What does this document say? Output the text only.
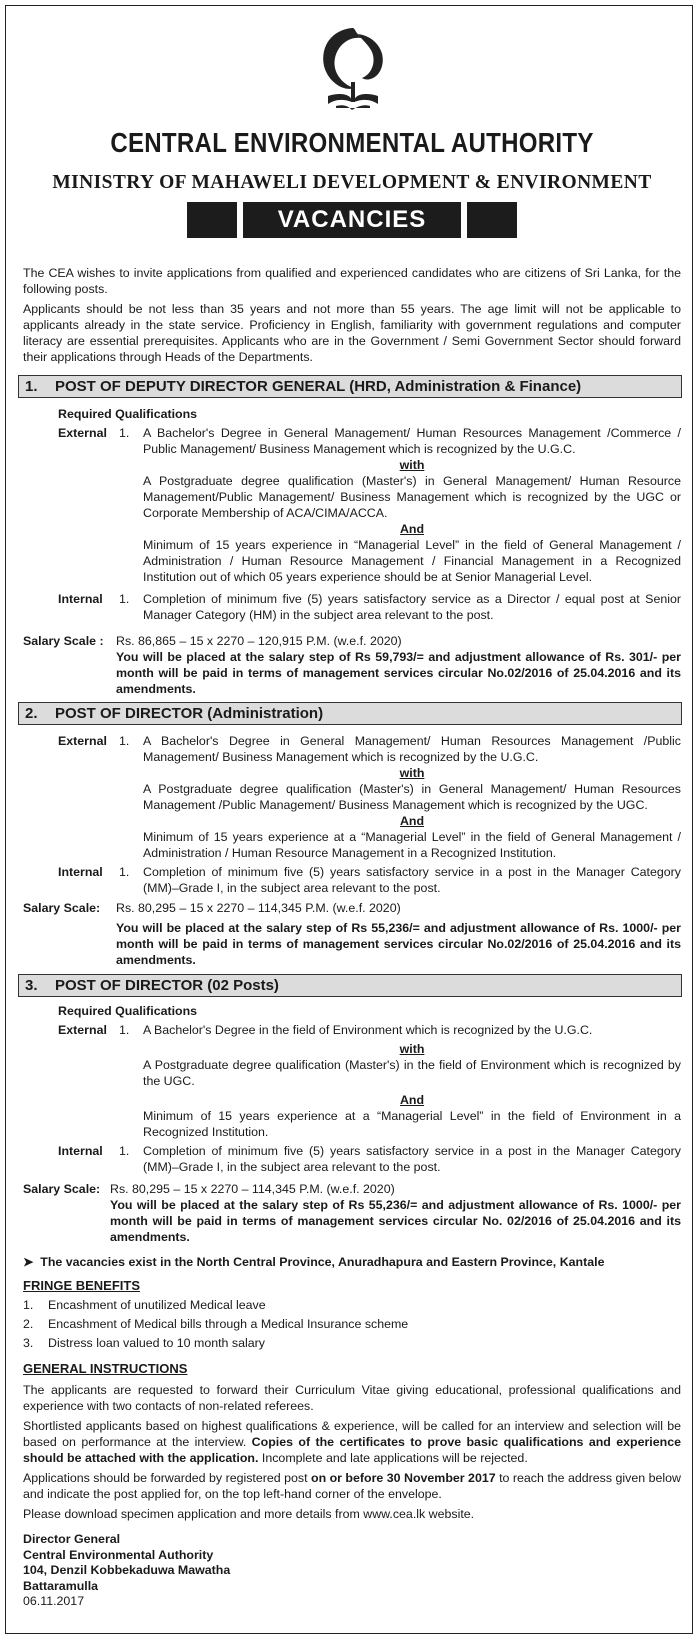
CENTRAL ENVIRONMENTAL AUTHORITY
MINISTRY OF MAHAWELI DEVELOPMENT & ENVIRONMENT
VACANCIES

The CEA wishes to invite applications from qualified and experienced candidates who are citizens of Sri Lanka, for the following posts.

Applicants should be not less than 35 years and not more than 55 years. The age limit will not be applicable to applicants already in the state service. Proficiency in English, familiarity with government regulations and computer literacy are essential prerequisites. Applicants who are in the Government / Semi Government Sector should forward their applications through Heads of the Departments.

1. POST OF DEPUTY DIRECTOR GENERAL (HRD, Administration & Finance)
Required Qualifications
External 1.	A Bachelor's Degree in General Management/ Human Resources Management /Commerce / Public Management/ Business Management which is recognized by the U.G.C.

with

A Postgraduate degree qualification (Master's) in General Management/ Human Resource Management/Public Management/ Business Management which is recognized by the UGC or Corporate Membership of ACA/CIMA/ACCA.

And

Minimum of 15 years experience in “Managerial Level” in the field of General Management / Administration / Human Resource Management / Financial Management in a Recognized Institution out of which 05 years experience should be at Senior Managerial Level.

Internal	1.	Completion of minimum five (5) years satisfactory service as a Director / equal post at Senior Manager Category (HM) in the subject area relevant to the post.

Salary Scale :	Rs. 86,865 – 15 x 2270 – 120,915 P.M. (w.e.f. 2020)

You will be placed at the salary step of Rs 59,793/= and adjustment allowance of Rs. 301/- per month will be paid in terms of management services circular No.02/2016 of 25.04.2016 and its amendments.

2. POST OF DIRECTOR (Administration)
External 1.	A Bachelor's Degree in General Management/ Human Resources Management /Public Management/ Business Management which is recognized by the U.G.C.

with

A Postgraduate degree qualification (Master's) in General Management/ Human Resources Management /Public Management/ Business Management which is recognized by the UGC.

And

Minimum of 15 years experience at a “Managerial Level” in the field of General Management / Administration / Human Resource Management in a Recognized Institution.

Internal	1.	Completion of minimum five (5) years satisfactory service in a post in the Manager Category (MM)–Grade I, in the subject area relevant to the post.

Salary Scale:	Rs. 80,295 – 15 x 2270 – 114,345 P.M. (w.e.f. 2020)

You will be placed at the salary step of Rs 55,236/= and adjustment allowance of Rs. 1000/- per month will be paid in terms of management services circular No.02/2016 of 25.04.2016 and its amendments.

3. POST OF DIRECTOR (02 Posts)
Required Qualifications
External 1.	A Bachelor's Degree in the field of Environment which is recognized by the U.G.C.

with

A Postgraduate degree qualification (Master's) in the field of Environment which is recognized by the UGC.

And

Minimum of 15 years experience at a “Managerial Level” in the field of Environment in a Recognized Institution.

Internal	1.	Completion of minimum five (5) years satisfactory service in a post in the Manager Category (MM)–Grade I, in the subject area relevant to the post.

Salary Scale: Rs. 80,295 – 15 x 2270 – 114,345 P.M. (w.e.f. 2020)

You will be placed at the salary step of Rs 55,236/= and adjustment allowance of Rs. 1000/- per month will be paid in terms of management services circular No. 02/2016 of 25.04.2016 and its amendments.

➤  The vacancies exist in the North Central Province, Anuradhapura and Eastern Province, Kantale
FRINGE BENEFITS
1.	Encashment of unutilized Medical leave
2.	Encashment of Medical bills through a Medical Insurance scheme
3.	Distress loan valued to 10 month salary
GENERAL INSTRUCTIONS

The applicants are requested to forward their Curriculum Vitae giving educational, professional qualifications and experience with two contacts of non-related referees.

Shortlisted applicants based on highest qualifications & experience, will be called for an interview and selection will be based on performance at the interview. Copies of the certificates to prove basic qualifications and experience should be attached with the application. Incomplete and late applications will be rejected.

Applications should be forwarded by registered post on or before 30 November 2017 to reach the address given below and indicate the post applied for, on the top left-hand corner of the envelope.

Please download specimen application and more details from www.cea.lk website.

Director General
Central Environmental Authority
104, Denzil Kobbekaduwa Mawatha
Battaramulla
06.11.2017
